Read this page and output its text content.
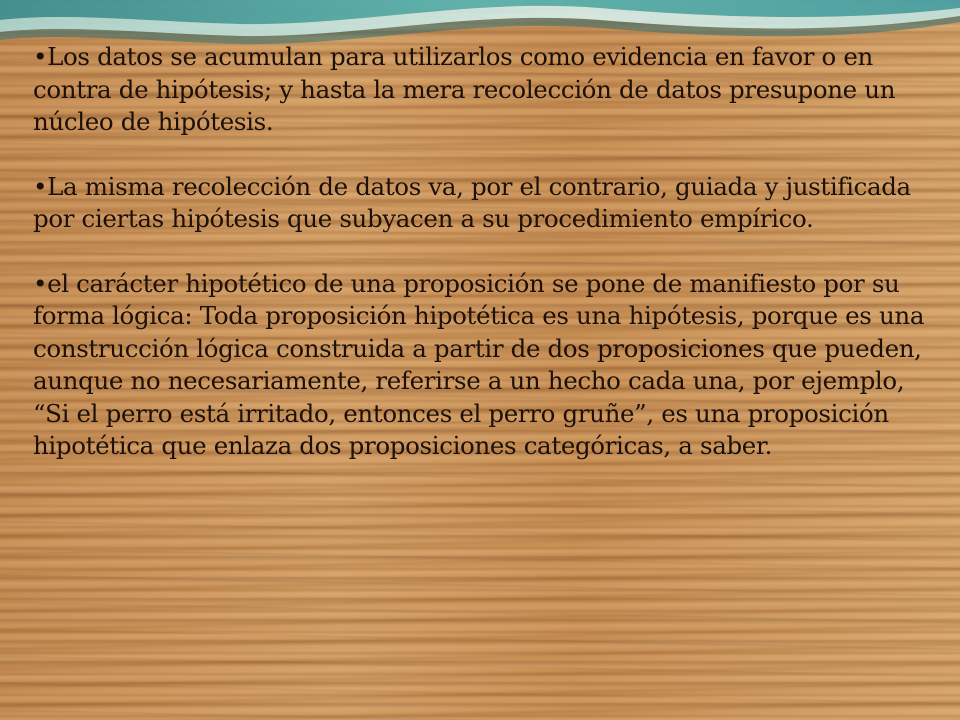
•Los datos se acumulan para utilizarlos como evidencia en favor o en contra de hipótesis; y hasta la mera recolección de datos presupone un núcleo de hipótesis.
•La misma recolección de datos va, por el contrario, guiada y justificada por ciertas hipótesis que subyacen a su procedimiento empírico.
•el carácter hipotético de una proposición se pone de manifiesto por su forma lógica: Toda proposición hipotética es una hipótesis, porque es una construcción lógica construida a partir de dos proposiciones que pueden, aunque no necesariamente, referirse a un hecho cada una, por ejemplo, “Si el perro está irritado, entonces el perro gruñe”, es una proposición hipotética que enlaza dos proposiciones categóricas, a saber.
